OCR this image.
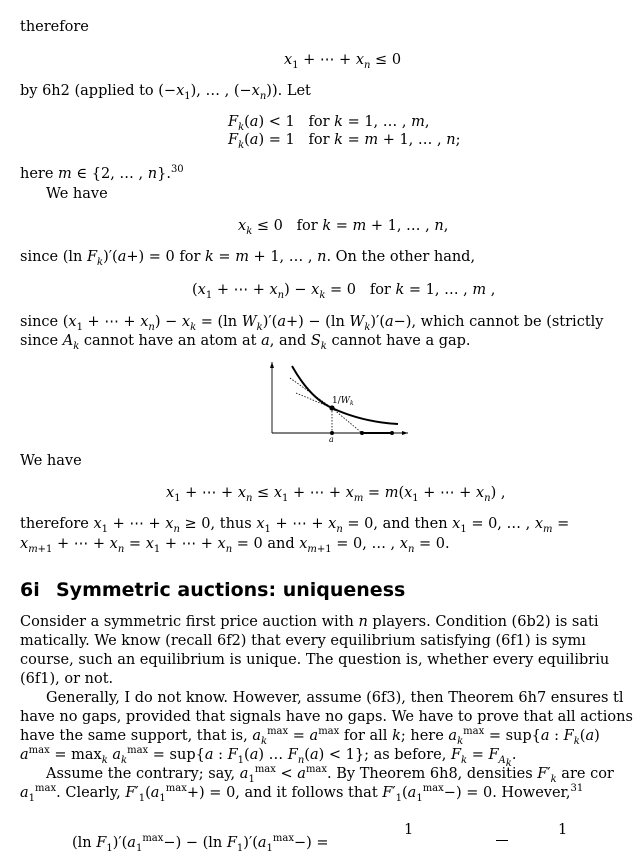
therefore
$x_1$ + ⋯ + $x_n \le 0$
by 6h2 (applied to $(-x_1)$, … , $(-x_n)$). Let
$F_k(a) < 1$   for k = 1, … , m,
$F_k(a) = 1$   for k = m + 1, … , n;
here m ∈ {2, … , n}.$^{30}$
We have
$x_k \le 0$   for k = m + 1, … , n,
since (ln $F_k)'(a+) = 0$ for k = m + 1, … , n. On the other hand,
($x_1$ + ⋯ + $x_n) - x_k = 0$   for k = 1, … , m ,
since ($x_1$ + ⋯ + $x_n) - x_k = (\ln$ $W_k)'(a+) - (\ln$ $W_k)'(a-)$, which cannot be (strictly
since $A_k$ cannot have an atom at a, and $S_k$ cannot have a gap.
$1/W_k$
a
We have
$x_1$ + ⋯ + $x_n \le x_1$ + ⋯ + $x_m = m(x_1$ + ⋯ + $x_n$) ,
therefore $x_1$ + ⋯ + $x_n \ge 0$, thus $x_1$ + ⋯ + $x_n = 0$, and then $x_1 = 0$, … , $x_m$ =
$x_{m+1}$ + ⋯ + $x_n = x_1$ + ⋯ + $x_n = 0$ and $x_{m+1} = 0$, … , $x_n = 0$.
6i Symmetric auctions: uniqueness
Consider a symmetric first price auction with n players. Condition (6b2) is sati
matically. We know (recall 6f2) that every equilibrium satisfying (6f1) is symı
course, such an equilibrium is unique. The question is, whether every equilibriu
(6f1), or not.
Generally, I do not know. However, assume (6f3), then Theorem 6h7 ensures tl
have no gaps, provided that signals have no gaps. We have to prove that all actions
have the same support, that is, $a_k^{max} = a^{max}$ for all k; here $a_k^{max} = sup\{a$ : $F_k(a)$
$a^{max} = \max_k a_k^{max} = sup\{a$ : $F_1(a)$ … $F_n(a) < 1$}; as before, $F_k = F_{A_k}$.
Assume the contrary; say, $a_1^{max} < a^{max}$. By Theorem 6h8, densities $F'_k$ are cor
$a_1^{max}$. Clearly, $F'_1(a_1^{max}+) = 0$, and it follows that $F'_1(a_1^{max}-) = 0$. However,$^{31}$
1	1
(ln $F_1)'(a_1^{max}-) - (\ln$ $F_1)'(a_1^{max}-)$ =
